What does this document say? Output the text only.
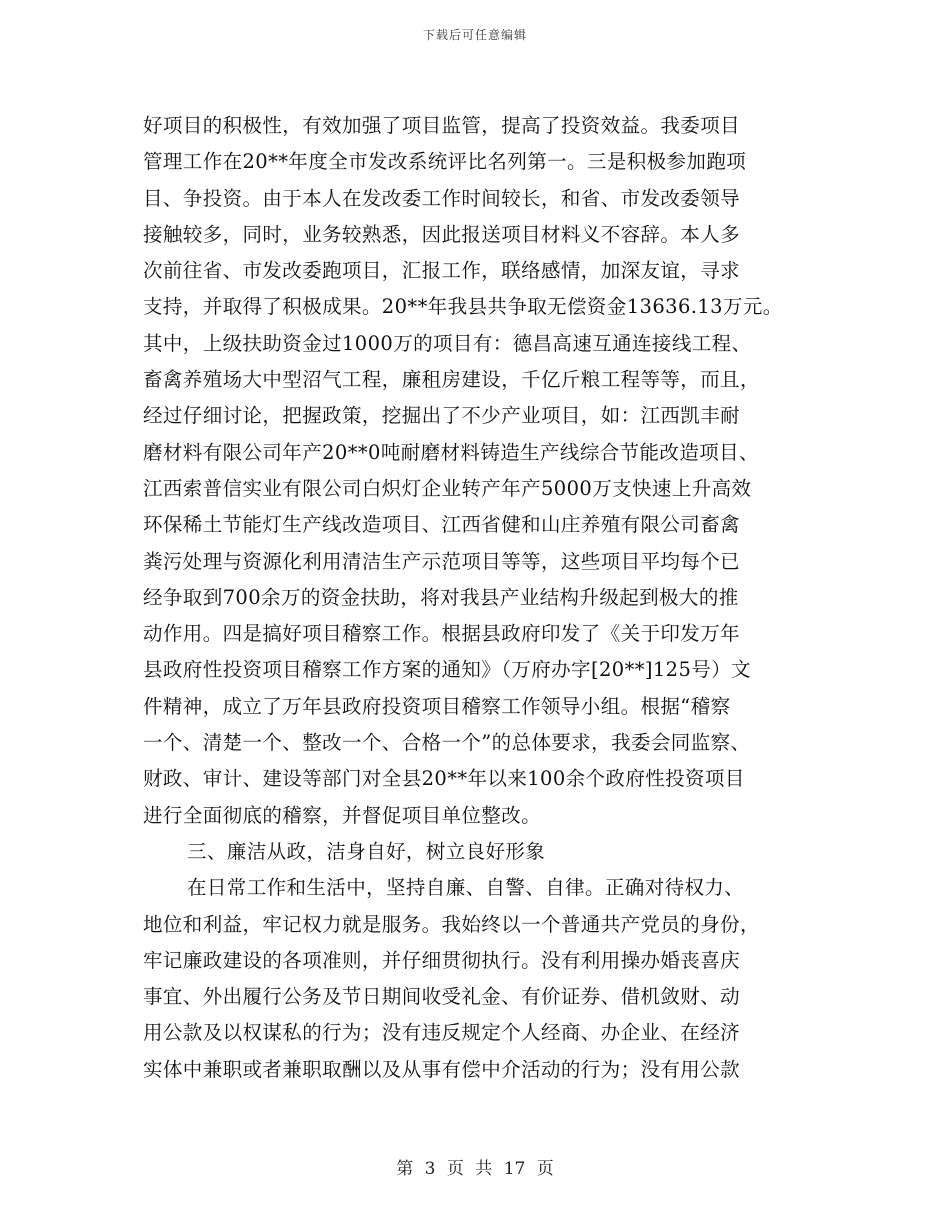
下载后可任意编辑
好项目的积极性，有效加强了项目监管，提高了投资效益。我委项目
管理工作在20**年度全市发改系统评比名列第一。三是积极参加跑项
目、争投资。由于本人在发改委工作时间较长，和省、市发改委领导
接触较多，同时，业务较熟悉，因此报送项目材料义不容辞。本人多
次前往省、市发改委跑项目，汇报工作，联络感情，加深友谊，寻求
支持，并取得了积极成果。20**年我县共争取无偿资金13636.13万元。
其中，上级扶助资金过1000万的项目有：德昌高速互通连接线工程、
畜禽养殖场大中型沼气工程，廉租房建设，千亿斤粮工程等等，而且，
经过仔细讨论，把握政策，挖掘出了不少产业项目，如：江西凯丰耐
磨材料有限公司年产20**0吨耐磨材料铸造生产线综合节能改造项目、
江西索普信实业有限公司白炽灯企业转产年产5000万支快速上升高效
环保稀土节能灯生产线改造项目、江西省健和山庄养殖有限公司畜禽
粪污处理与资源化利用清洁生产示范项目等等，这些项目平均每个已
经争取到700余万的资金扶助，将对我县产业结构升级起到极大的推
动作用。四是搞好项目稽察工作。根据县政府印发了《关于印发万年
县政府性投资项目稽察工作方案的通知》（万府办字[20**]125号）文
件精神，成立了万年县政府投资项目稽察工作领导小组。根据“稽察
一个、清楚一个、整改一个、合格一个”的总体要求，我委会同监察、
财政、审计、建设等部门对全县20**年以来100余个政府性投资项目
进行全面彻底的稽察，并督促项目单位整改。
三、廉洁从政，洁身自好，树立良好形象
在日常工作和生活中，坚持自廉、自警、自律。正确对待权力、
地位和利益，牢记权力就是服务。我始终以一个普通共产党员的身份，
牢记廉政建设的各项准则，并仔细贯彻执行。没有利用操办婚丧喜庆
事宜、外出履行公务及节日期间收受礼金、有价证券、借机敛财、动
用公款及以权谋私的行为；没有违反规定个人经商、办企业、在经济
实体中兼职或者兼职取酬以及从事有偿中介活动的行为；没有用公款
第 3 页 共 17 页
